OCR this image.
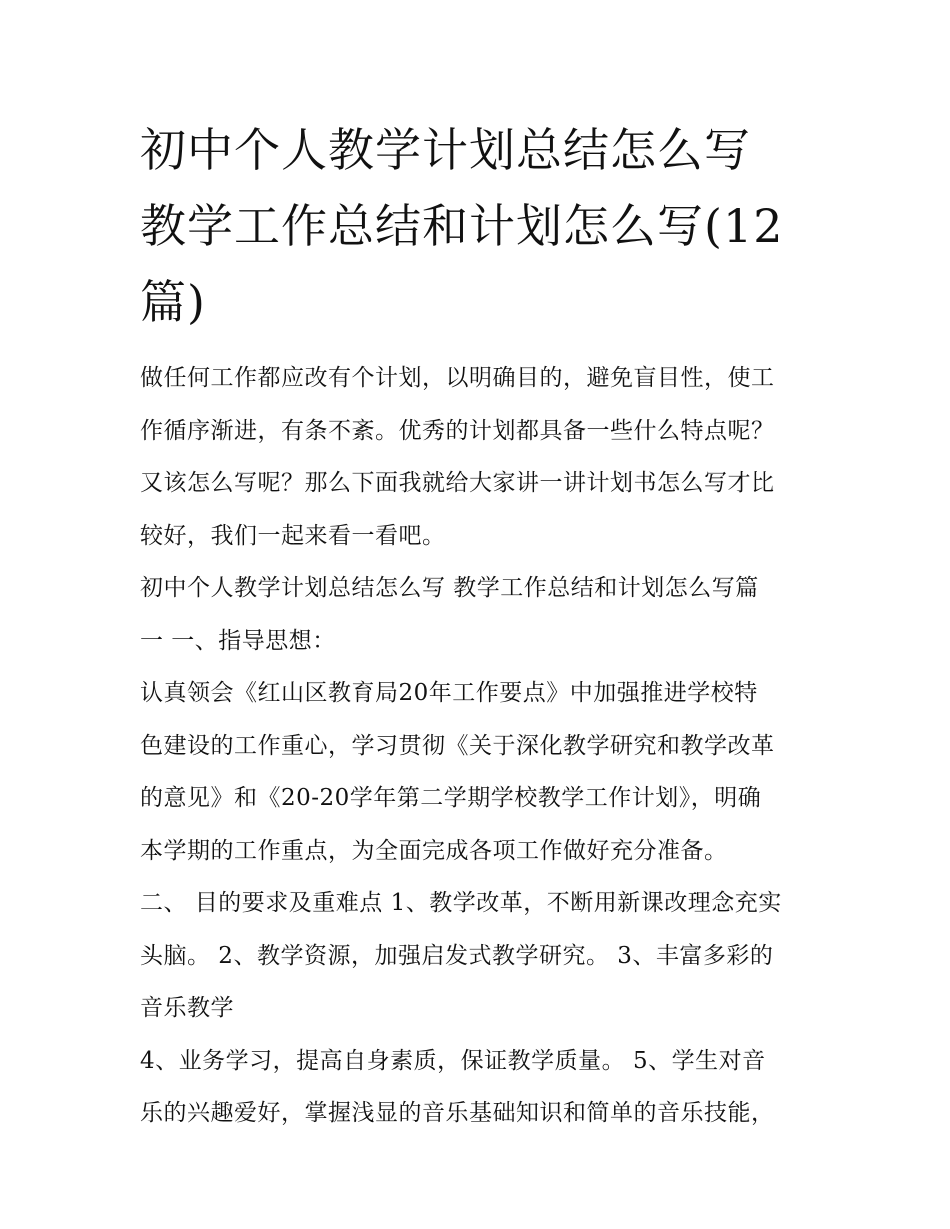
初中个人教学计划总结怎么写
教学工作总结和计划怎么写(12
篇)
做任何工作都应改有个计划，以明确目的，避免盲目性，使工
作循序渐进，有条不紊。优秀的计划都具备一些什么特点呢？
又该怎么写呢？那么下面我就给大家讲一讲计划书怎么写才比
较好，我们一起来看一看吧。
初中个人教学计划总结怎么写 教学工作总结和计划怎么写篇
一 一、指导思想：
认真领会《红山区教育局20年工作要点》中加强推进学校特
色建设的工作重心，学习贯彻《关于深化教学研究和教学改革
的意见》和《20-20学年第二学期学校教学工作计划》，明确
本学期的工作重点，为全面完成各项工作做好充分准备。
二、 目的要求及重难点 1、教学改革，不断用新课改理念充实
头脑。 2、教学资源，加强启发式教学研究。 3、丰富多彩的
音乐教学
4、业务学习，提高自身素质，保证教学质量。 5、学生对音
乐的兴趣爱好，掌握浅显的音乐基础知识和简单的音乐技能，
